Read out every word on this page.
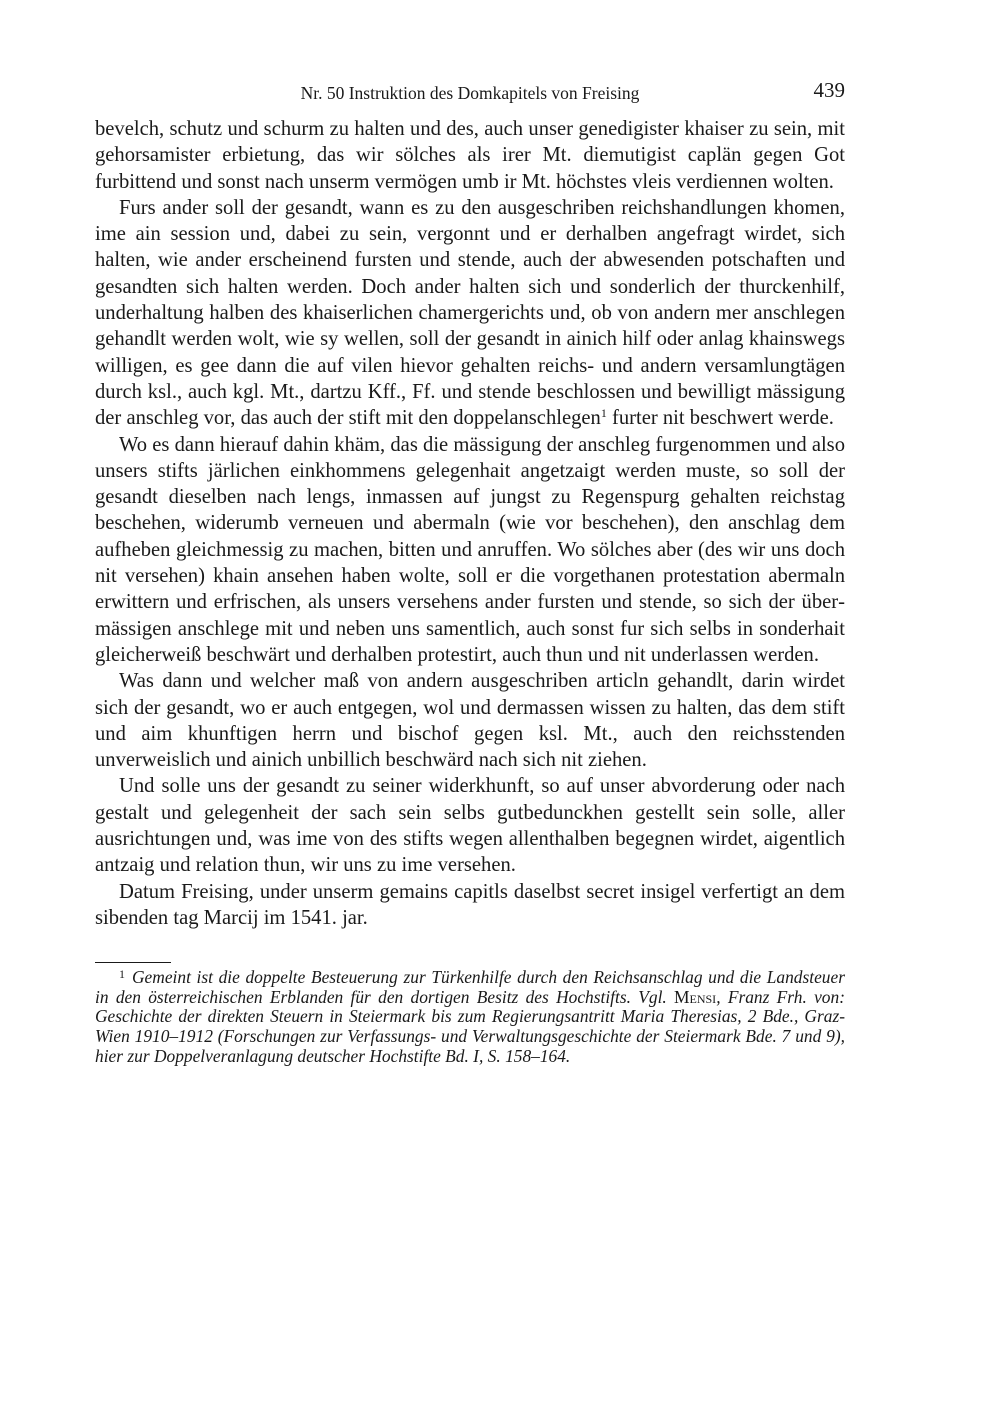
Nr. 50 Instruktion des Domkapitels von Freising	439

bevelch, schutz und schurm zu halten und des, auch unser genedigister khaiser zu sein, mit gehorsamister erbietung, das wir sölches als irer Mt. diemutigist caplän gegen Got furbittend und sonst nach unserm vermögen umb ir Mt. höchstes vleis verdiennen wolten.

Furs ander soll der gesandt, wann es zu den ausgeschriben reichshandlungen khomen, ime ain session und, dabei zu sein, vergonnt und er derhalben angefragt wirdet, sich halten, wie ander erscheinend fursten und stende, auch der abwesenden potschaften und gesandten sich halten werden. Doch ander halten sich und sonderlich der thurckenhilf, underhaltung halben des khaiserlichen chamergerichts und, ob von andern mer anschlegen gehandlt werden wolt, wie sy wellen, soll der gesandt in ainich hilf oder anlag khainswegs willigen, es gee dann die auf vilen hievor gehalten reichs- und andern versamlungtägen durch ksl., auch kgl. Mt., dartzu Kff., Ff. und stende beschlossen und bewilligt mässigung der anschleg vor, das auch der stift mit den doppelanschlegen$^1$ furter nit beschwert werde.

Wo es dann hierauf dahin khäm, das die mässigung der anschleg furgenommen und also unsers stifts järlichen einkhommens gelegenhait angetzaigt werden muste, so soll der gesandt dieselben nach lengs, inmassen auf jungst zu Regenspurg gehalten reichstag beschehen, widerumb verneuen und abermaln (wie vor beschehen), den anschlag dem aufheben gleichmessig zu machen, bitten und anruffen. Wo sölches aber (des wir uns doch nit versehen) khain ansehen haben wolte, soll er die vorgethanen protestation abermaln erwittern und erfrischen, als unsers versehens ander fursten und stende, so sich der übermässigen anschlege mit und neben uns samentlich, auch sonst fur sich selbs in sonderhait gleicherweiß beschwärt und derhalben protestirt, auch thun und nit underlassen werden.

Was dann und welcher maß von andern ausgeschriben articln gehandlt, darin wirdet sich der gesandt, wo er auch entgegen, wol und dermassen wissen zu halten, das dem stift und aim khunftigen herrn und bischof gegen ksl. Mt., auch den reichsstenden unverweislich und ainich unbillich beschwärd nach sich nit ziehen.

Und solle uns der gesandt zu seiner widerkhunft, so auf unser abvorderung oder nach gestalt und gelegenheit der sach sein selbs gutbedunckhen gestellt sein solle, aller ausrichtungen und, was ime von des stifts wegen allenthalben begegnen wirdet, aigentlich antzaig und relation thun, wir uns zu ime versehen.

Datum Freising, under unserm gemains capitls daselbst secret insigel verfertigt an dem sibenden tag Marcij im 1541. jar.

$^1$ Gemeint ist die doppelte Besteuerung zur Türkenhilfe durch den Reichsanschlag und die Landsteuer in den österreichischen Erblanden für den dortigen Besitz des Hochstifts. Vgl. Mensi, Franz Frh. von: Geschichte der direkten Steuern in Steiermark bis zum Regierungsantritt Maria Theresias, 2 Bde., Graz-Wien 1910–1912 (Forschungen zur Verfassungs- und Verwaltungsgeschichte der Steiermark Bde. 7 und 9), hier zur Doppelveranlagung deutscher Hochstifte Bd. I, S. 158–164.
